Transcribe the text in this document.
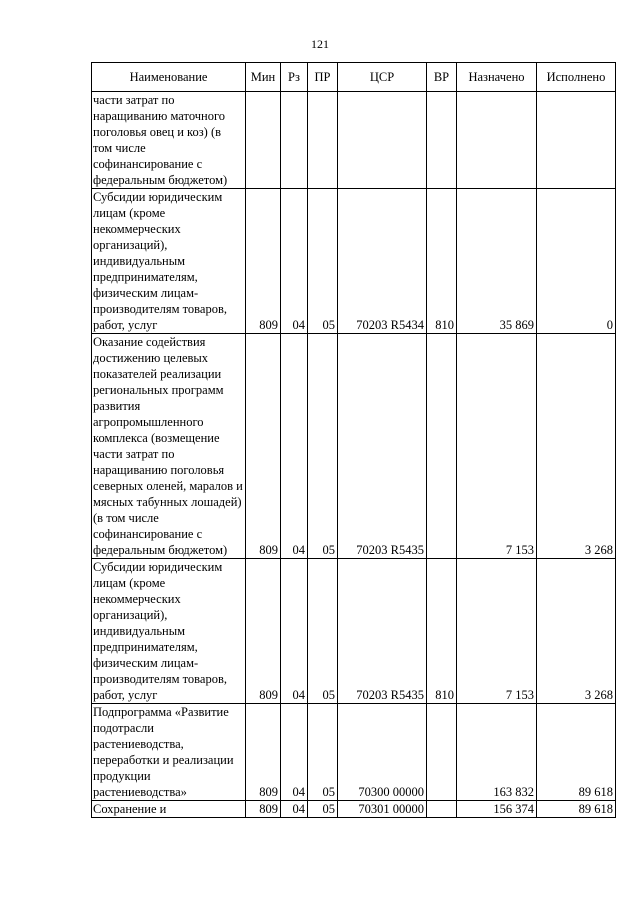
121
Наименование	Мин	Рз	ПР	ЦСР	ВР	Назначено	Исполнено
части затрат по наращиванию маточного поголовья овец и коз) (в том числе софинансирование с федеральным бюджетом)							
Субсидии юридическим лицам (кроме некоммерческих организаций), индивидуальным предпринимателям, физическим лицам-производителям товаров, работ, услуг	809	04	05	70203 R5434	810	35 869	0
Оказание содействия достижению целевых показателей реализации региональных программ развития агропромышленного комплекса (возмещение части затрат по наращиванию поголовья северных оленей, маралов и мясных табунных лошадей) (в том числе софинансирование с федеральным бюджетом)	809	04	05	70203 R5435		7 153	3 268
Субсидии юридическим лицам (кроме некоммерческих организаций), индивидуальным предпринимателям, физическим лицам-производителям товаров, работ, услуг	809	04	05	70203 R5435	810	7 153	3 268
Подпрограмма «Развитие подотрасли растениеводства, переработки и реализации продукции растениеводства»	809	04	05	70300 00000		163 832	89 618
Сохранение и	809	04	05	70301 00000		156 374	89 618
